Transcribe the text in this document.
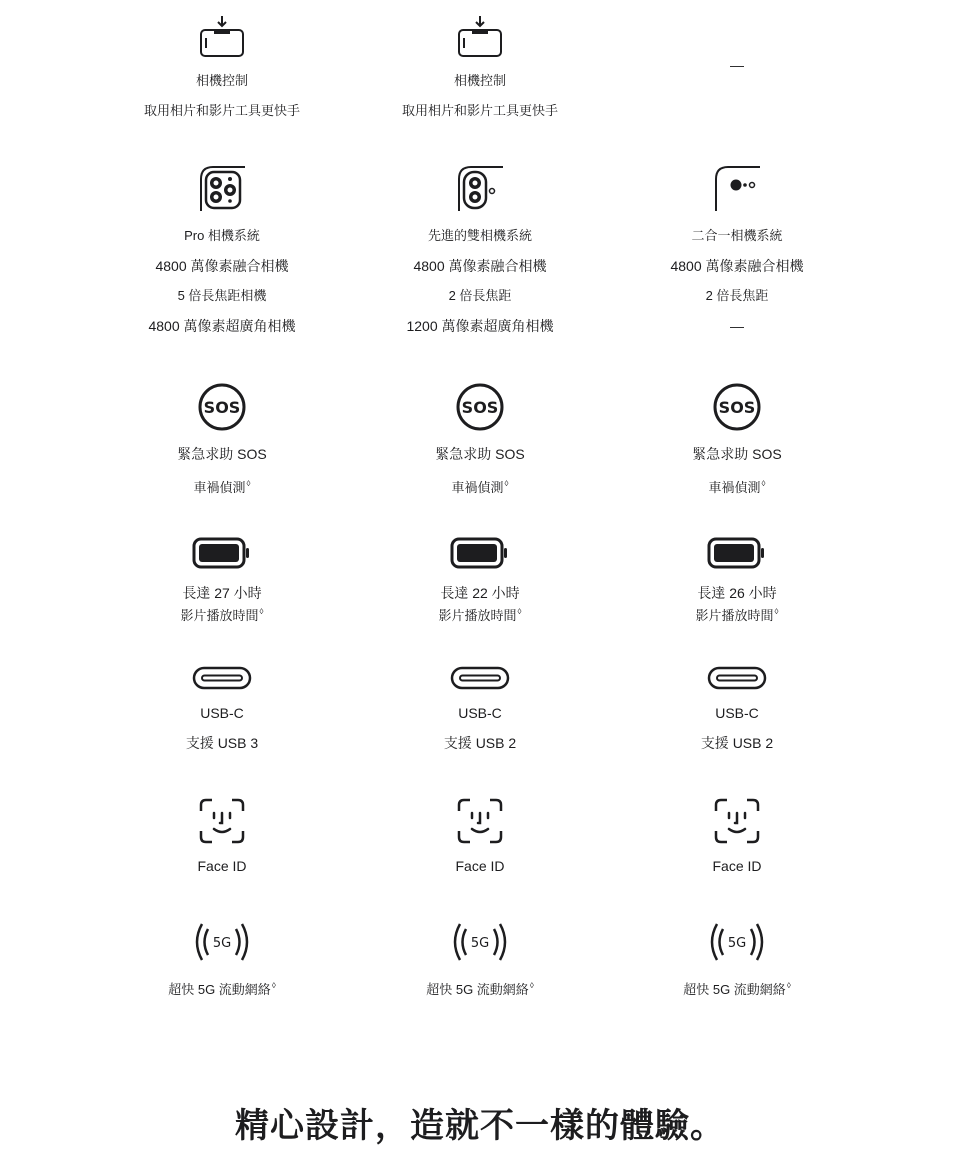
相機控制
取用相片和影片工具更快手
Pro 相機系統
4800 萬像素融合相機
5 倍長焦距相機
4800 萬像素超廣角相機
SOS
緊急求助 SOS
車禍偵測◊
長達 27 小時
影片播放時間◊
USB‑C
支援 USB 3
Face ID
5G
超快 5G 流動網絡◊
相機控制
取用相片和影片工具更快手
先進的雙相機系統
4800 萬像素融合相機
2 倍長焦距
1200 萬像素超廣角相機
SOS
緊急求助 SOS
車禍偵測◊
長達 22 小時
影片播放時間◊
USB‑C
支援 USB 2
Face ID
5G
超快 5G 流動網絡◊
—
二合一相機系統
4800 萬像素融合相機
2 倍長焦距
—
SOS
緊急求助 SOS
車禍偵測◊
長達 26 小時
影片播放時間◊
USB‑C
支援 USB 2
Face ID
5G
超快 5G 流動網絡◊
精心設計，造就不一樣的體驗。
